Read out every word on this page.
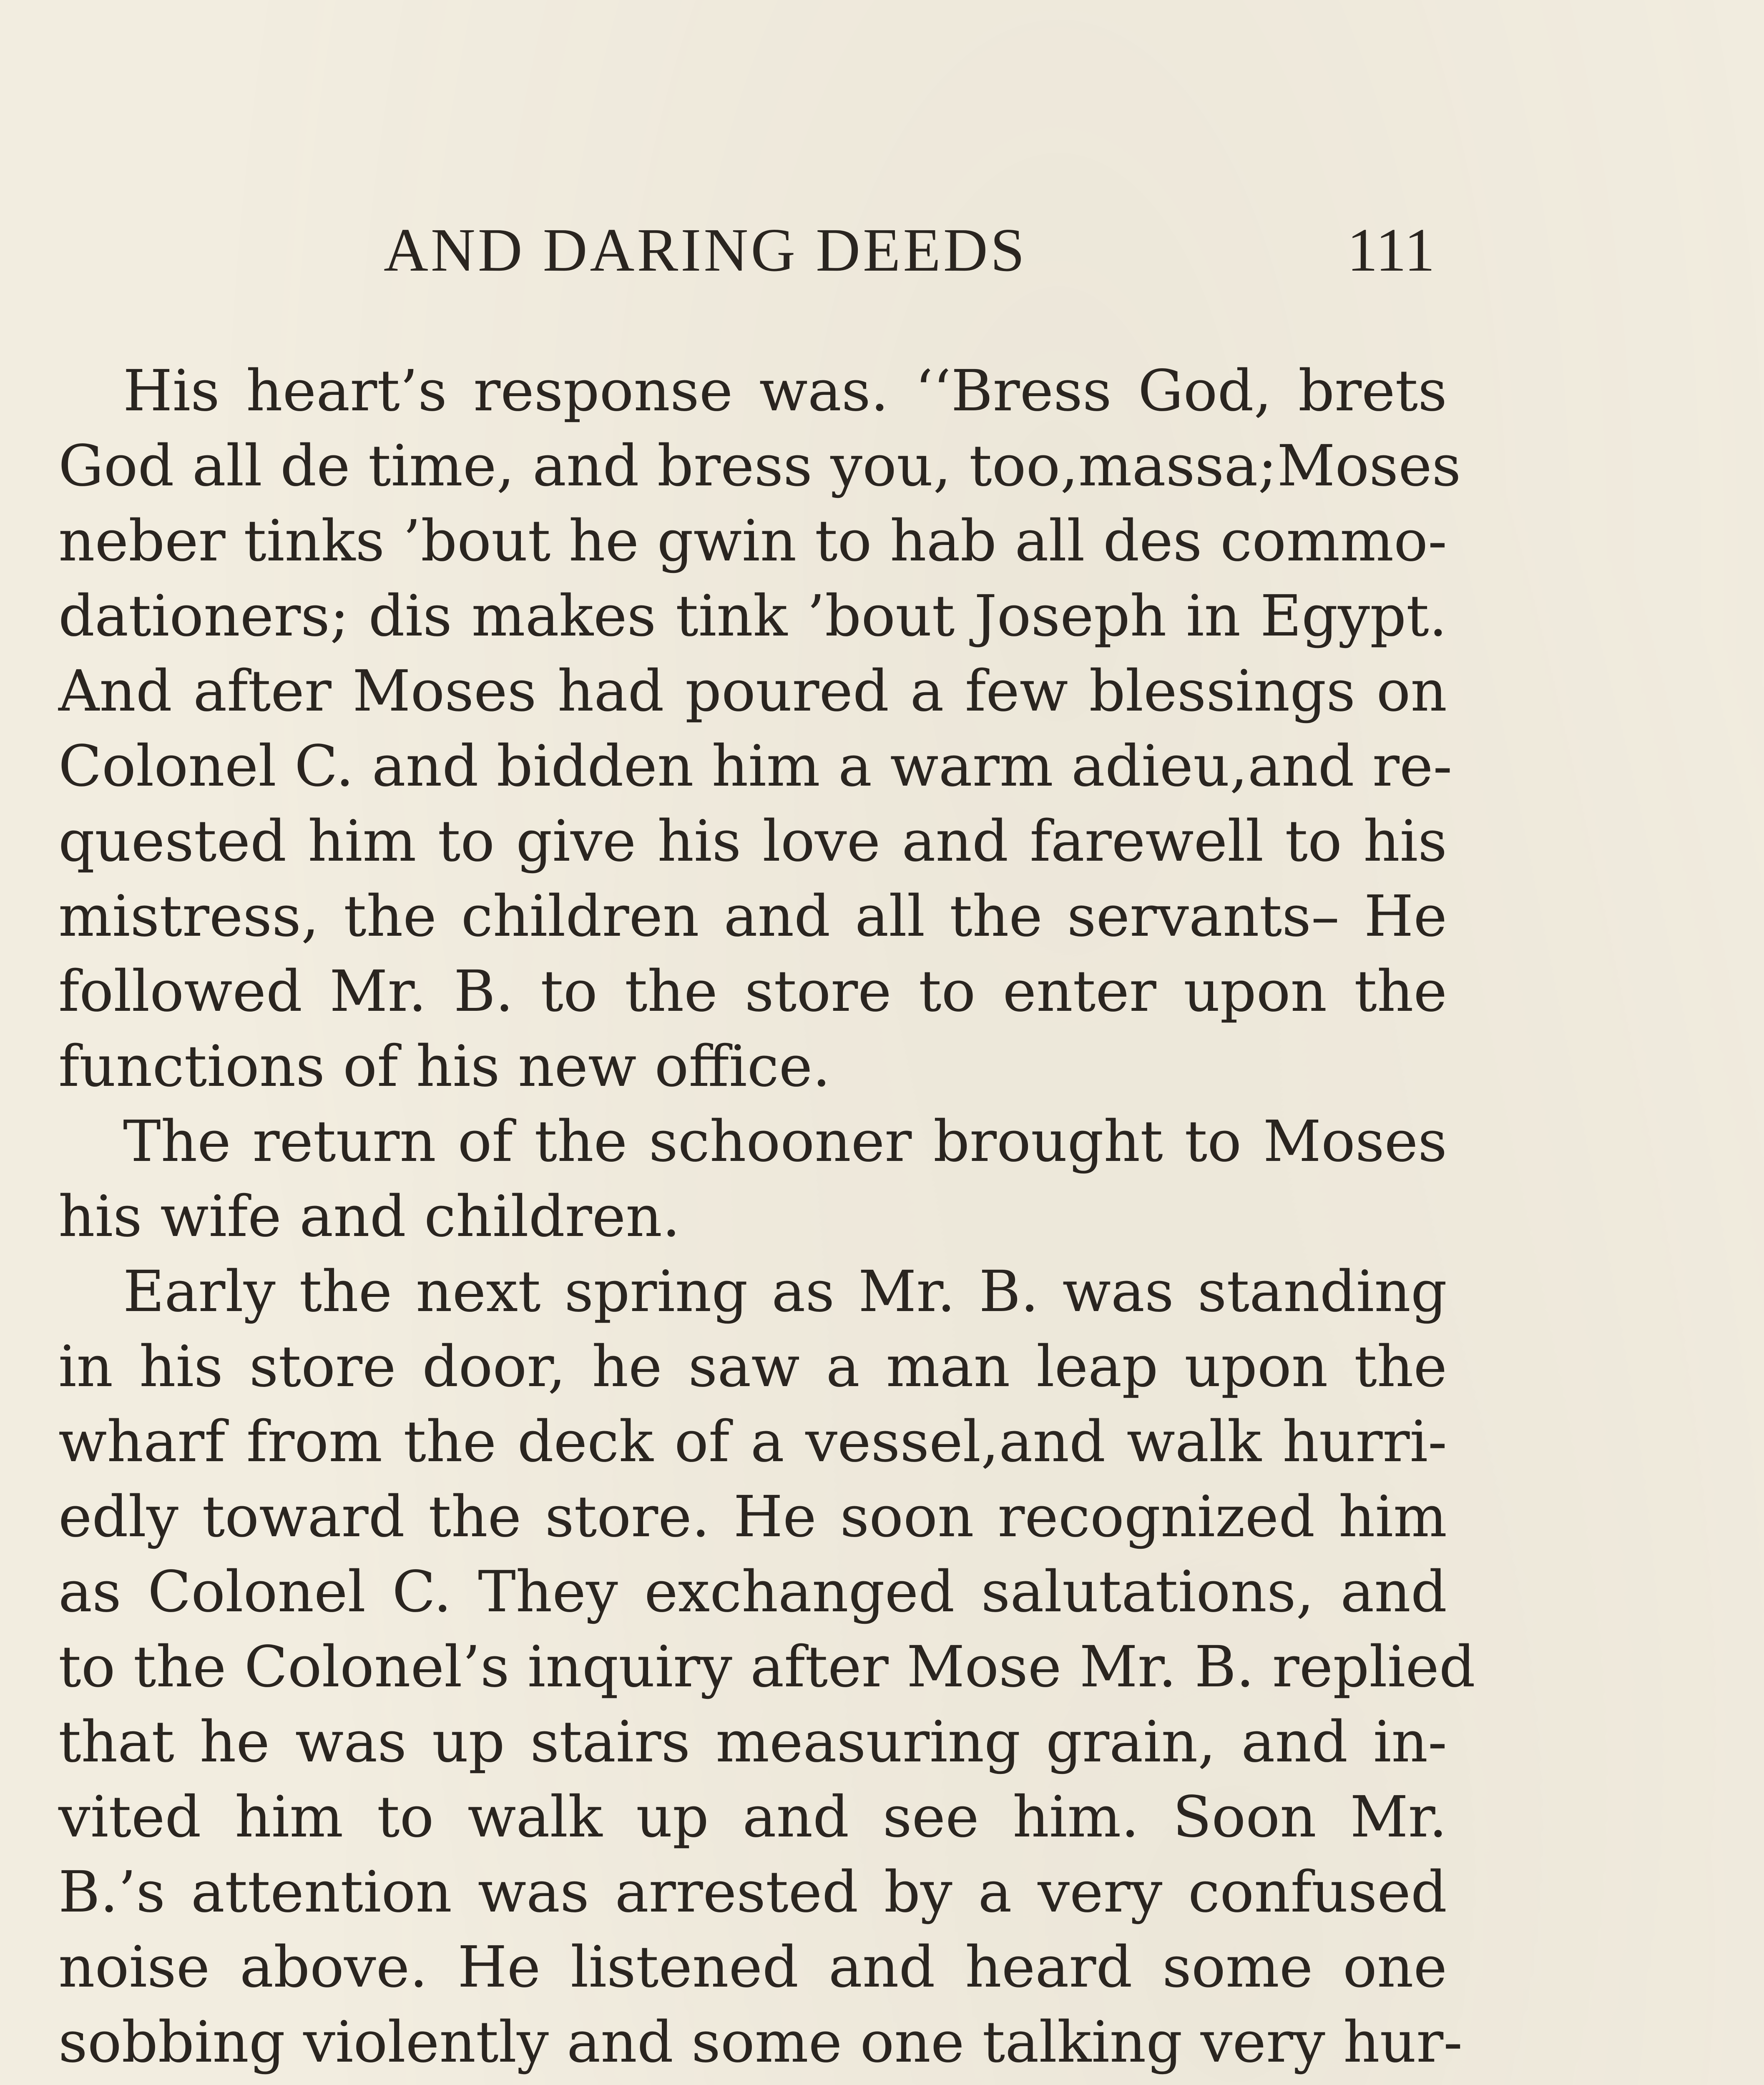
AND DARING DEEDS	111
His heart’s response was. ‘‘Bress God, brets
God all de time, and bress you, too,massa;Moses
neber tinks ’bout he gwin to hab all des commo-
dationers; dis makes tink ’bout Joseph in Egypt.
And after Moses had poured a few blessings on
Colonel C. and bidden him a warm adieu,and re-
quested him to give his love and farewell to his
mistress, the children and all the servants– He
followed Mr. B. to the store to enter upon the
functions of his new office.
The return of the schooner brought to Moses
his wife and children.
Early the next spring as Mr. B. was standing
in his store door, he saw a man leap upon the
wharf from the deck of a vessel,and walk hurri-
edly toward the store. He soon recognized him
as Colonel C. They exchanged salutations, and
to the Colonel’s inquiry after Mose Mr. B. replied
that he was up stairs measuring grain, and in-
vited him to walk up and see him. Soon Mr.
B.’s attention was arrested by a very confused
noise above. He listened and heard some one
sobbing violently and some one talking very hur-
